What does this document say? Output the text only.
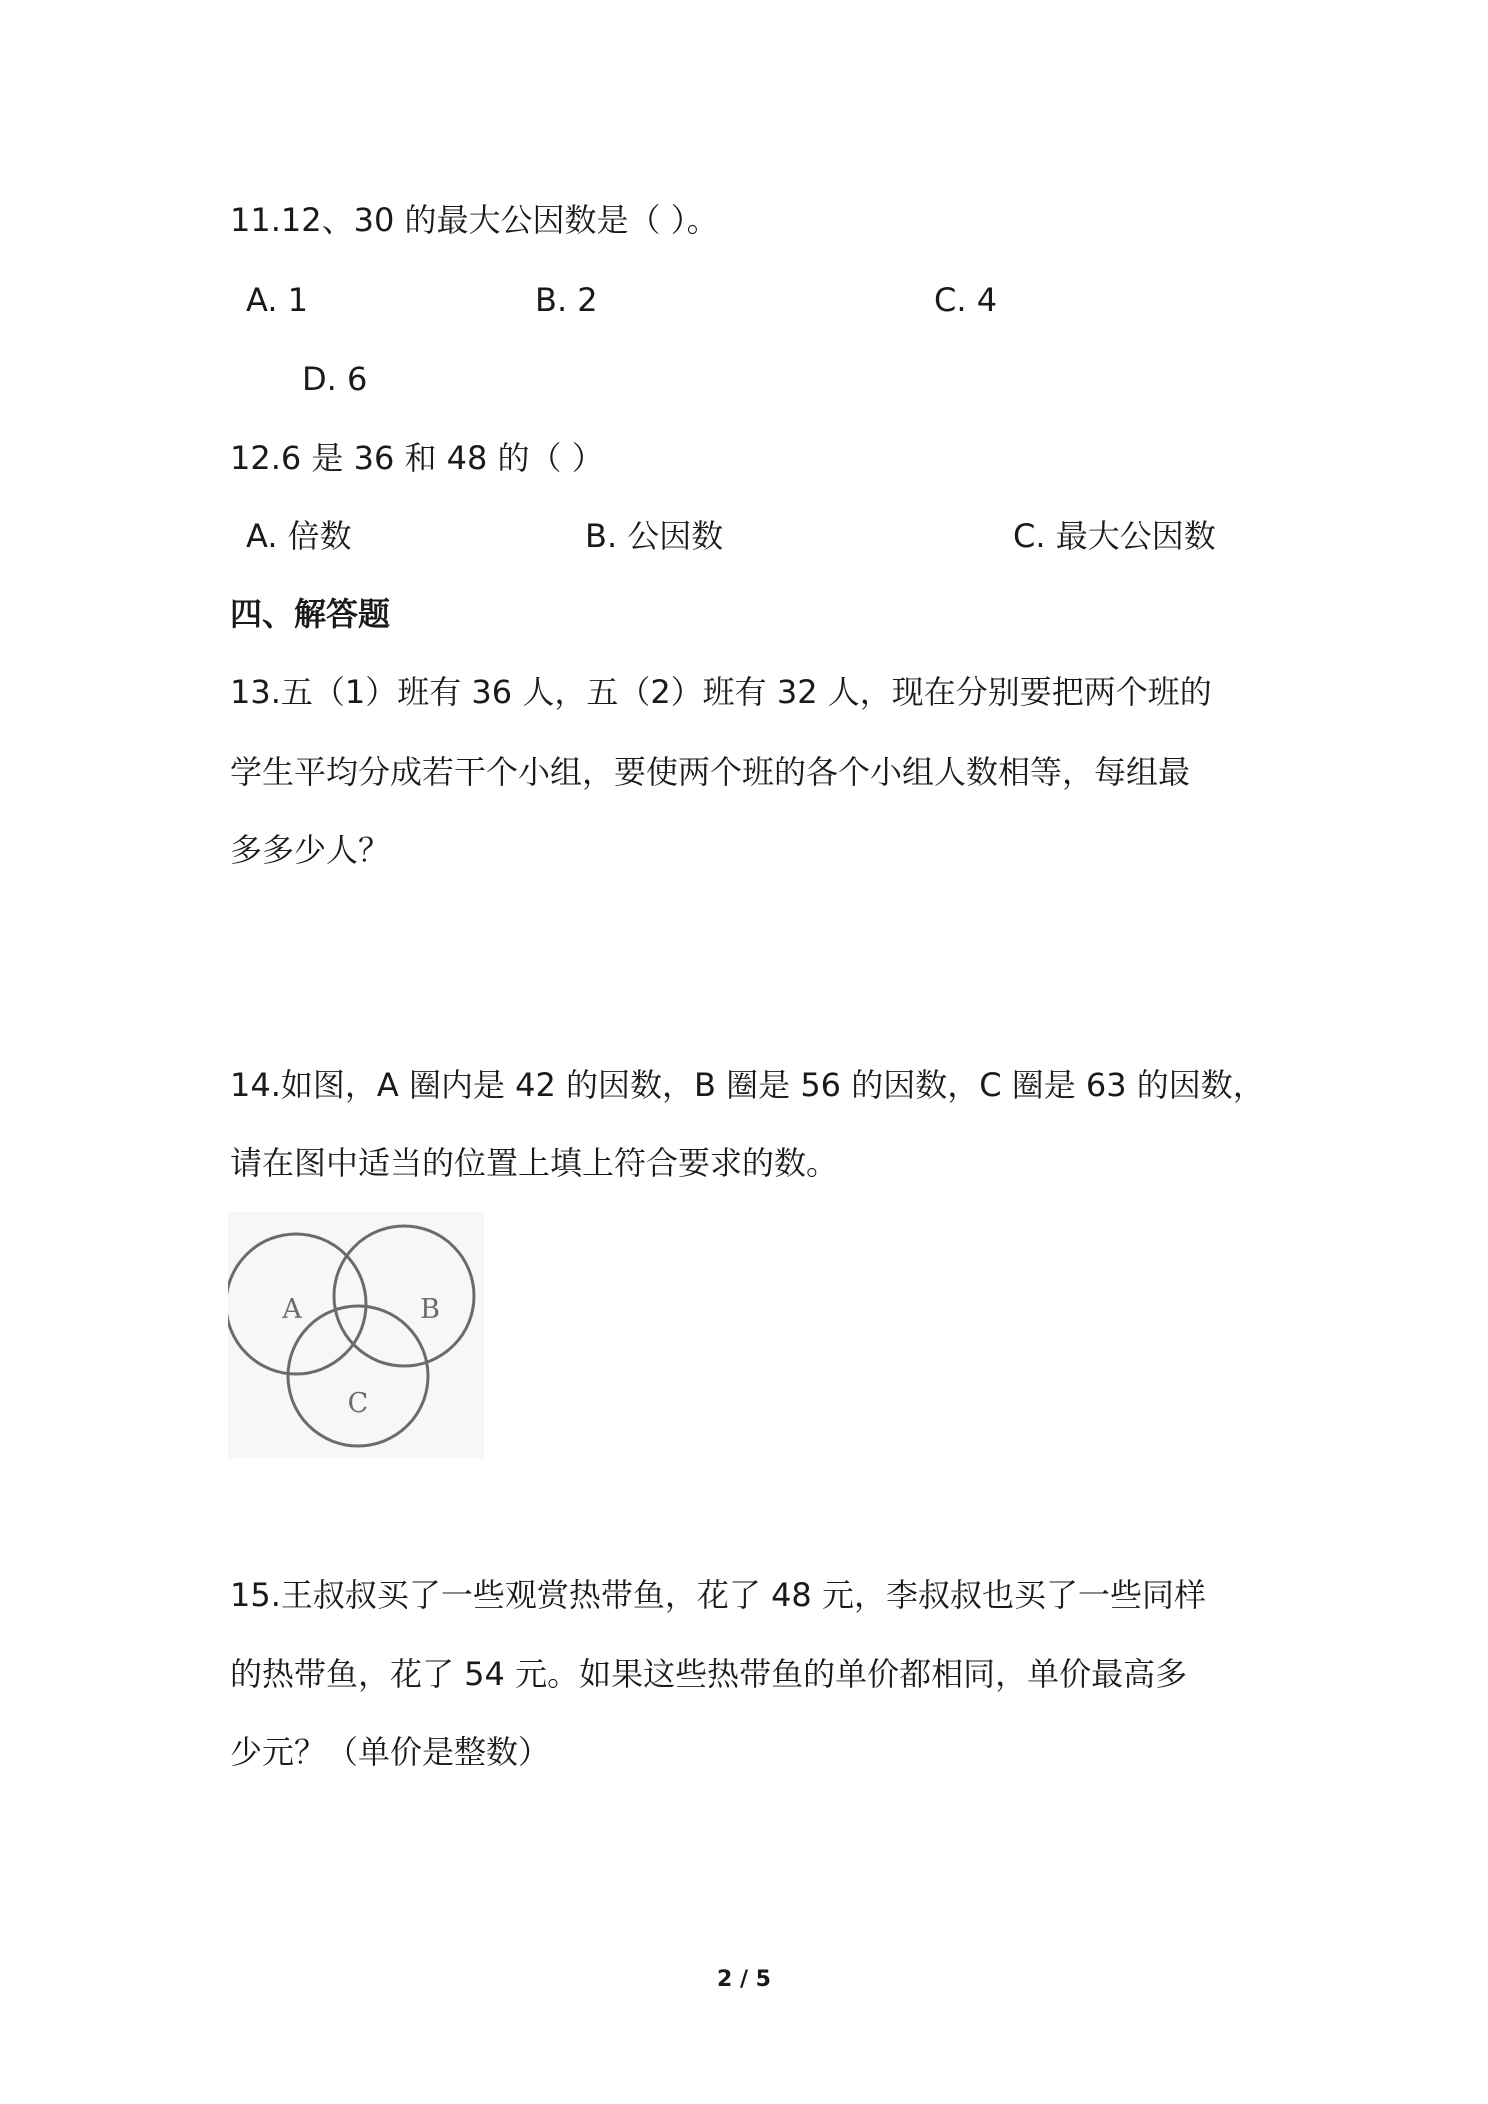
11.12、30 的最大公因数是（ ）。
A. 1	B. 2	C. 4
D. 6
12.6 是 36 和 48 的（ ）
A. 倍数	B. 公因数	C. 最大公因数
四、解答题
13.五（1）班有 36 人，五（2）班有 32 人，现在分别要把两个班的
学生平均分成若干个小组，要使两个班的各个小组人数相等，每组最
多多少人？
14.如图，A 圈内是 42 的因数，B 圈是 56 的因数，C 圈是 63 的因数，
请在图中适当的位置上填上符合要求的数。
A	B
C
15.王叔叔买了一些观赏热带鱼，花了 48 元，李叔叔也买了一些同样
的热带鱼，花了 54 元。如果这些热带鱼的单价都相同，单价最高多
少元？（单价是整数）
2 / 5
